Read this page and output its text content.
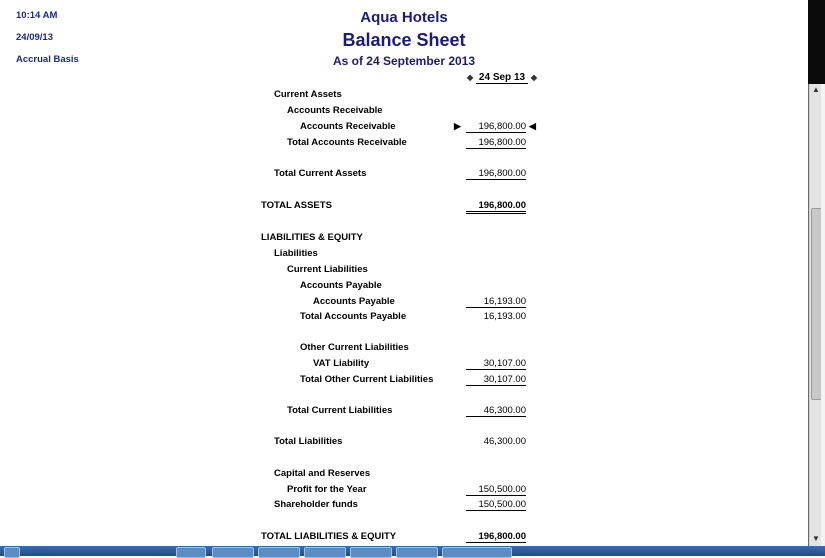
10:14 AM
24/09/13
Accrual Basis
Aqua Hotels
Balance Sheet
As of 24 September 2013
◆ 24 Sep 13 ◆
Current Assets
Accounts Receivable
Accounts Receivable	▶	196,800.00 ◀
Total Accounts Receivable	196,800.00
Total Current Assets	196,800.00
TOTAL ASSETS	196,800.00
LIABILITIES & EQUITY
Liabilities
Current Liabilities
Accounts Payable
Accounts Payable	16,193.00
Total Accounts Payable	16,193.00
Other Current Liabilities
VAT Liability	30,107.00
Total Other Current Liabilities	30,107.00
Total Current Liabilities	46,300.00
Total Liabilities	46,300.00
Capital and Reserves
Profit for the Year	150,500.00
Shareholder funds	150,500.00
TOTAL LIABILITIES & EQUITY	196,800.00
▲
▼
